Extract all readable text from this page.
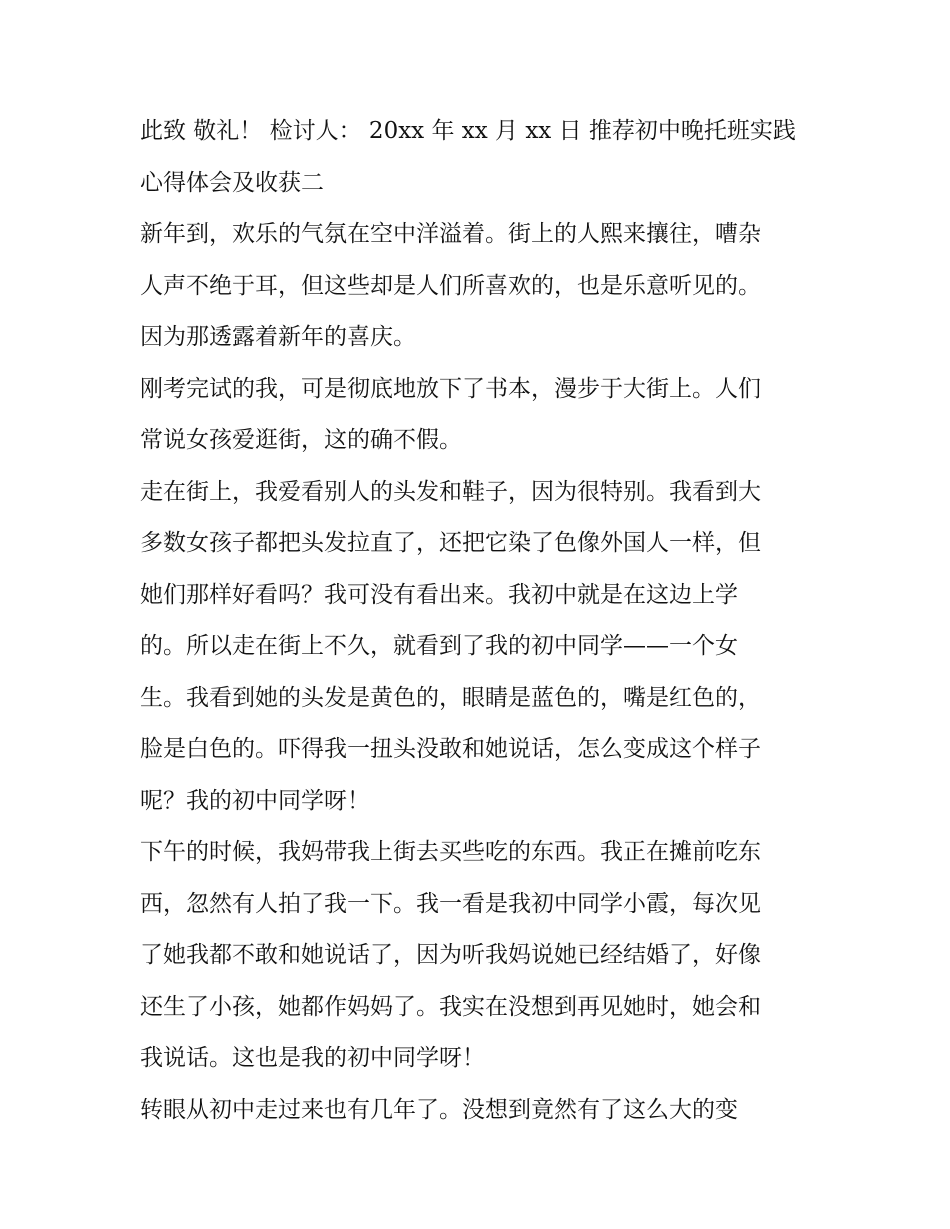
此致 敬礼！ 检讨人： 20xx 年 xx 月 xx 日 推荐初中晚托班实践
心得体会及收获二
新年到，欢乐的气氛在空中洋溢着。街上的人熙来攘往，嘈杂
人声不绝于耳，但这些却是人们所喜欢的，也是乐意听见的。
因为那透露着新年的喜庆。
刚考完试的我，可是彻底地放下了书本，漫步于大街上。人们
常说女孩爱逛街，这的确不假。
走在街上，我爱看别人的头发和鞋子，因为很特别。我看到大
多数女孩子都把头发拉直了，还把它染了色像外国人一样，但
她们那样好看吗？我可没有看出来。我初中就是在这边上学
的。所以走在街上不久，就看到了我的初中同学——一个女
生。我看到她的头发是黄色的，眼睛是蓝色的，嘴是红色的，
脸是白色的。吓得我一扭头没敢和她说话，怎么变成这个样子
呢？我的初中同学呀！
下午的时候，我妈带我上街去买些吃的东西。我正在摊前吃东
西，忽然有人拍了我一下。我一看是我初中同学小霞，每次见
了她我都不敢和她说话了，因为听我妈说她已经结婚了，好像
还生了小孩，她都作妈妈了。我实在没想到再见她时，她会和
我说话。这也是我的初中同学呀！
转眼从初中走过来也有几年了。没想到竟然有了这么大的变
